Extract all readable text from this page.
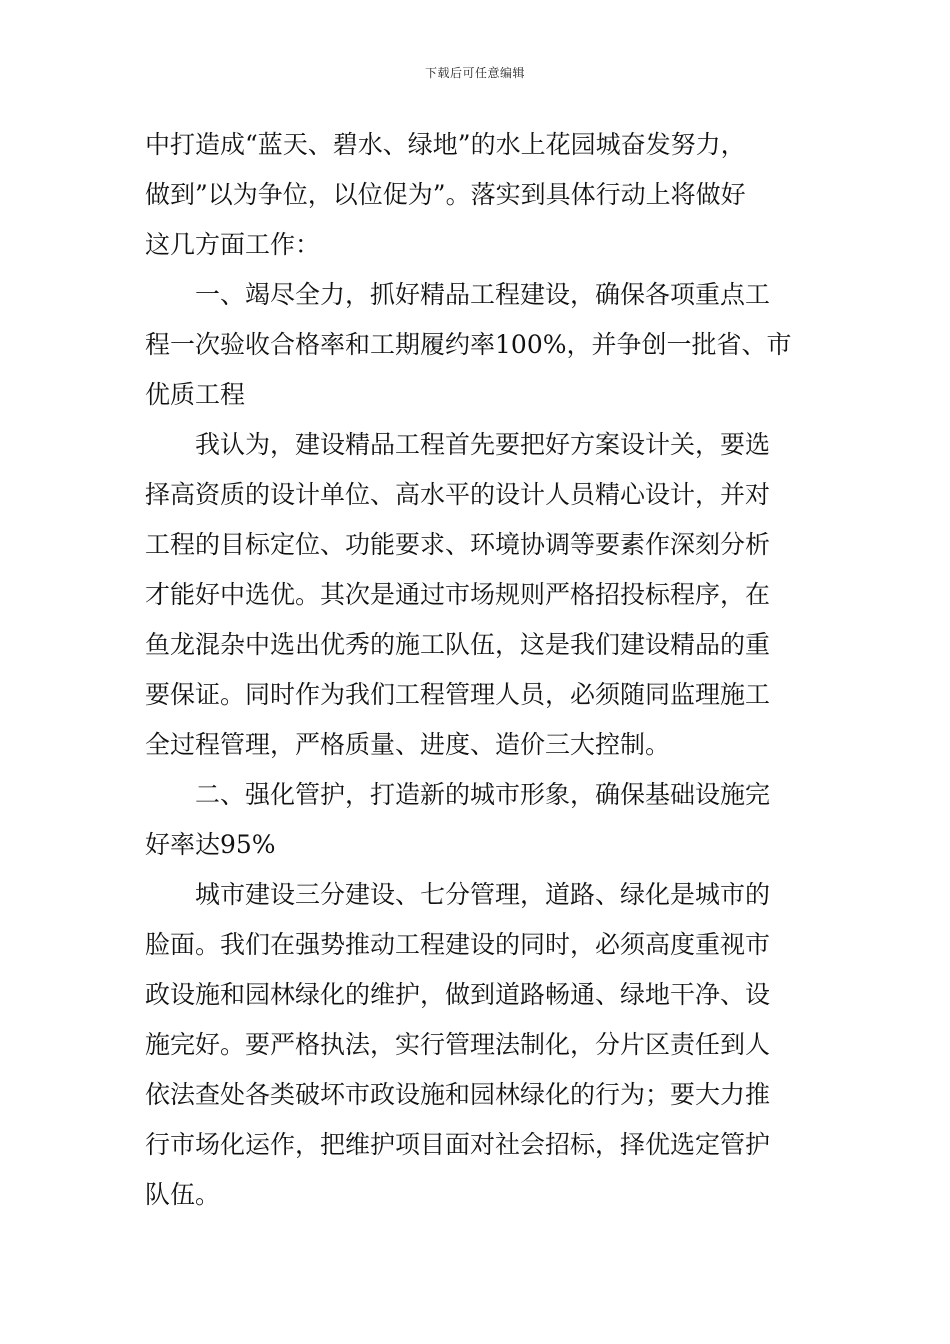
下载后可任意编辑

中打造成“蓝天、碧水、绿地”的水上花园城奋发努力，
做到”以为争位，以位促为”。落实到具体行动上将做好
这几方面工作：

一、竭尽全力，抓好精品工程建设，确保各项重点工
程一次验收合格率和工期履约率100%，并争创一批省、市
优质工程

我认为，建设精品工程首先要把好方案设计关，要选
择高资质的设计单位、高水平的设计人员精心设计，并对
工程的目标定位、功能要求、环境协调等要素作深刻分析
才能好中选优。其次是通过市场规则严格招投标程序，在
鱼龙混杂中选出优秀的施工队伍，这是我们建设精品的重
要保证。同时作为我们工程管理人员，必须随同监理施工
全过程管理，严格质量、进度、造价三大控制。

二、强化管护，打造新的城市形象，确保基础设施完
好率达95%

城市建设三分建设、七分管理，道路、绿化是城市的
脸面。我们在强势推动工程建设的同时，必须高度重视市
政设施和园林绿化的维护，做到道路畅通、绿地干净、设
施完好。要严格执法，实行管理法制化，分片区责任到人
依法查处各类破坏市政设施和园林绿化的行为；要大力推
行市场化运作，把维护项目面对社会招标，择优选定管护
队伍。
